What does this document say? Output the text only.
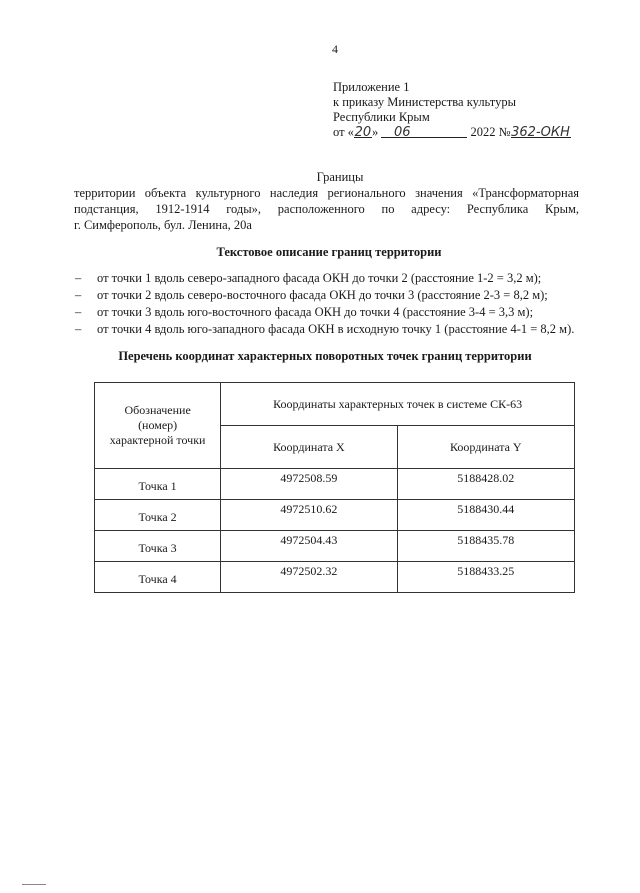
4
Приложение 1
к приказу Министерства культуры
Республики Крым
от «20» 06	2022 №362-ОКН
Границы
территории объекта культурного наследия регионального значения «Трансформаторная
подстанция, 1912-1914 годы», расположенного по адресу: Республика Крым,
г. Симферополь, бул. Ленина, 20а
Текстовое описание границ территории
– от точки 1 вдоль северо-западного фасада ОКН до точки 2 (расстояние 1-2 = 3,2 м);
– от точки 2 вдоль северо-восточного фасада ОКН до точки 3 (расстояние 2-3 = 8,2 м);
– от точки 3 вдоль юго-восточного фасада ОКН до точки 4 (расстояние 3-4 = 3,3 м);
– от точки 4 вдоль юго-западного фасада ОКН в исходную точку 1 (расстояние 4-1 = 8,2 м).
Перечень координат характерных поворотных точек границ территории
Обозначение
(номер)
характерной точки	Координаты характерных точек в системе СК-63	
	Координата X	Координата Y
Точка 1	4972508.59	5188428.02
Точка 2	4972510.62	5188430.44
Точка 3	4972504.43	5188435.78
Точка 4	4972502.32	5188433.25
